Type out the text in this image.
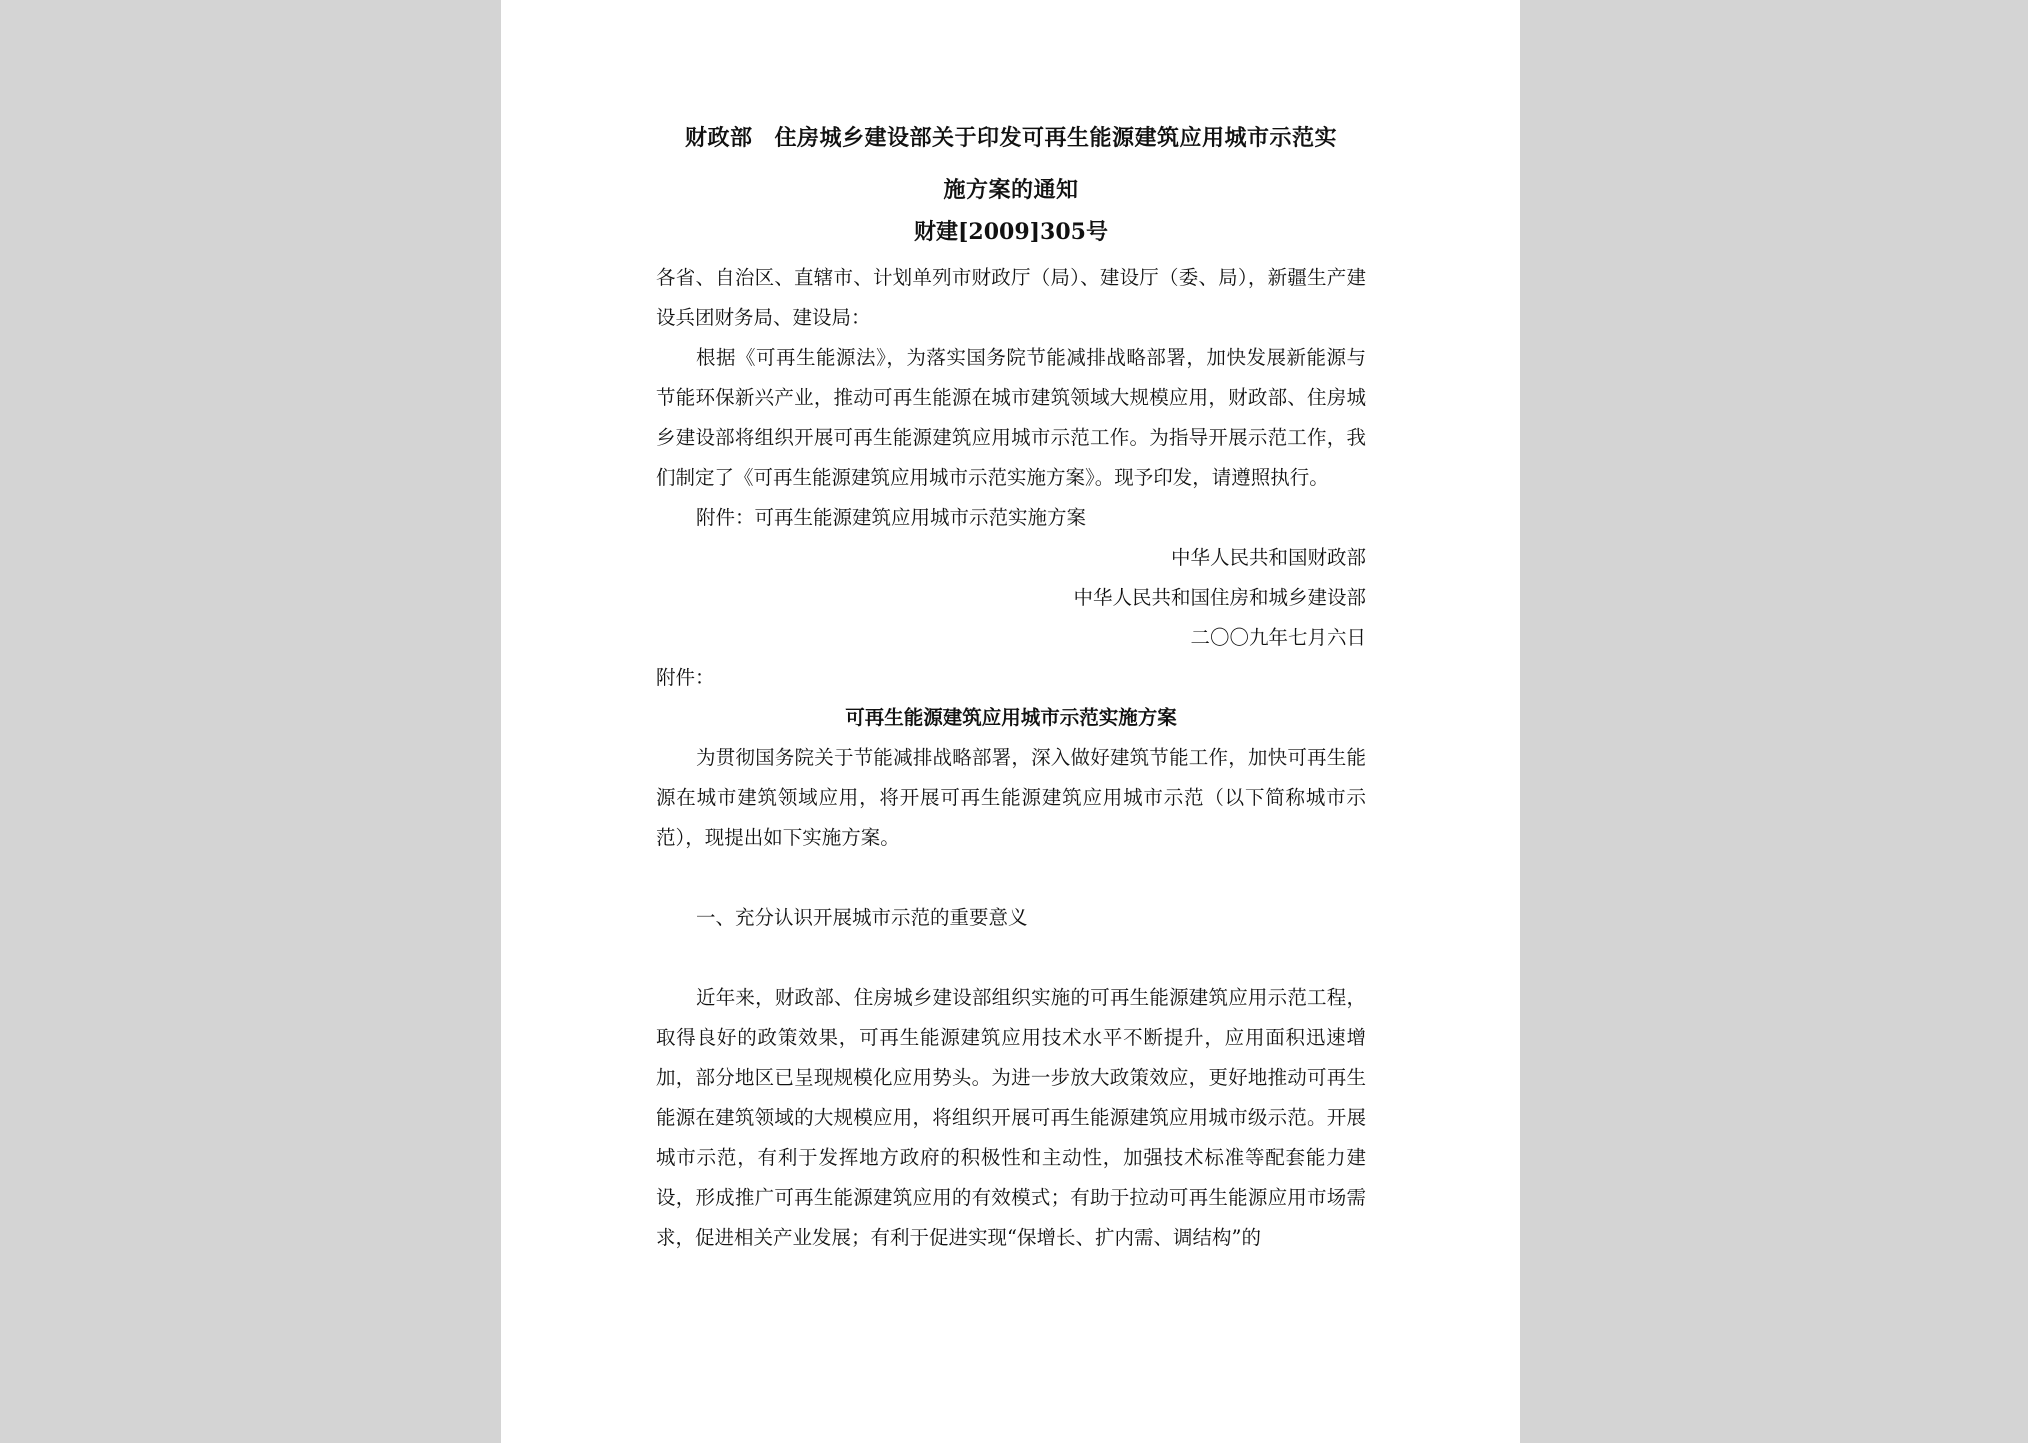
财政部 住房城乡建设部关于印发可再生能源建筑应用城市示范实
施方案的通知
财建[2009]305号

各省、自治区、直辖市、计划单列市财政厅（局）、建设厅（委、局），新疆生产建设兵团财务局、建设局：

根据《可再生能源法》，为落实国务院节能减排战略部署，加快发展新能源与节能环保新兴产业，推动可再生能源在城市建筑领域大规模应用，财政部、住房城乡建设部将组织开展可再生能源建筑应用城市示范工作。为指导开展示范工作，我们制定了《可再生能源建筑应用城市示范实施方案》。现予印发，请遵照执行。

附件：可再生能源建筑应用城市示范实施方案

中华人民共和国财政部

中华人民共和国住房和城乡建设部

二〇〇九年七月六日

附件：

可再生能源建筑应用城市示范实施方案

为贯彻国务院关于节能减排战略部署，深入做好建筑节能工作，加快可再生能源在城市建筑领域应用，将开展可再生能源建筑应用城市示范（以下简称城市示范），现提出如下实施方案。

一、充分认识开展城市示范的重要意义

近年来，财政部、住房城乡建设部组织实施的可再生能源建筑应用示范工程，取得良好的政策效果，可再生能源建筑应用技术水平不断提升，应用面积迅速增加，部分地区已呈现规模化应用势头。为进一步放大政策效应，更好地推动可再生能源在建筑领域的大规模应用，将组织开展可再生能源建筑应用城市级示范。开展城市示范，有利于发挥地方政府的积极性和主动性，加强技术标准等配套能力建设，形成推广可再生能源建筑应用的有效模式；有助于拉动可再生能源应用市场需求，促进相关产业发展；有利于促进实现“保增长、扩内需、调结构”的
